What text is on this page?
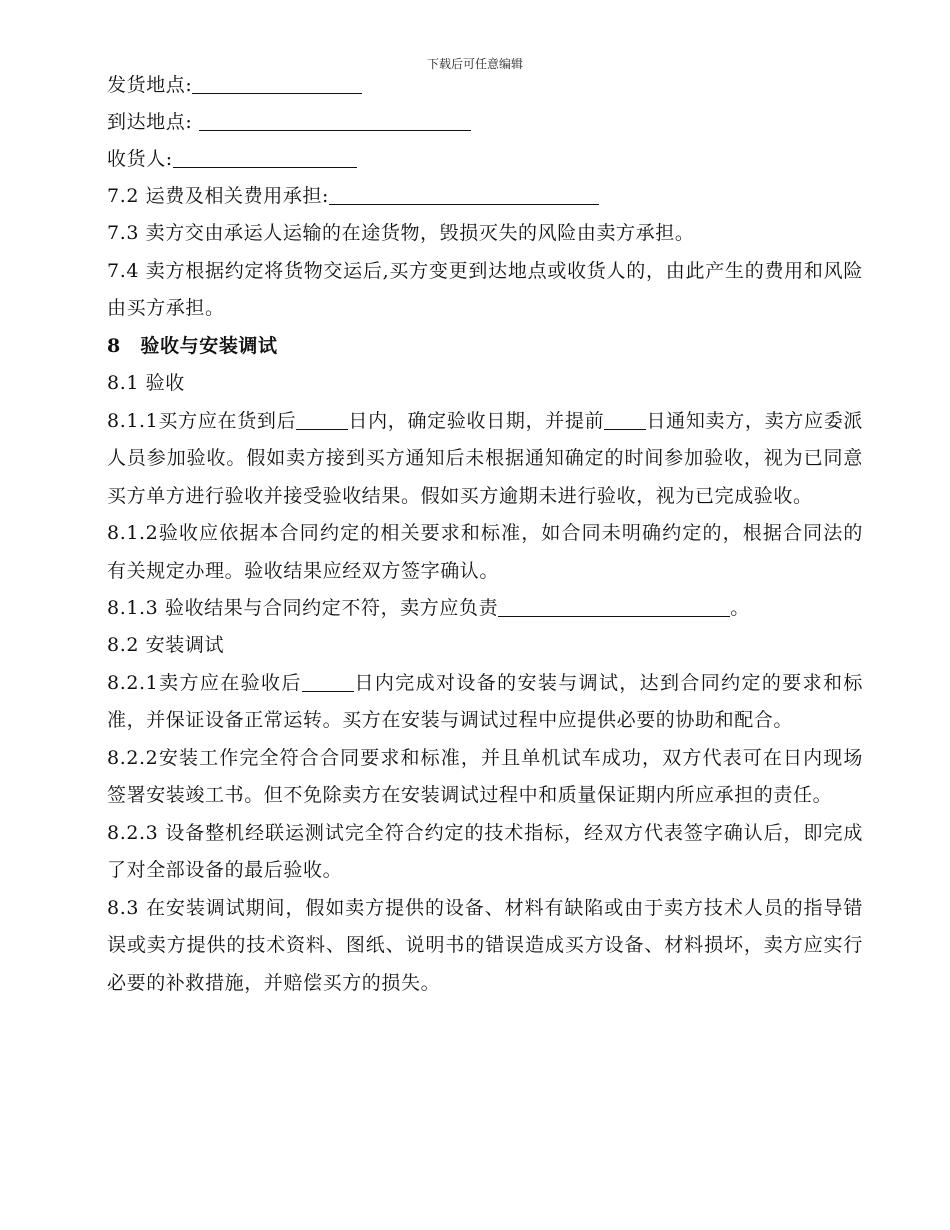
下载后可任意编辑
发货地点:
到达地点:
收货人:
7.2 运费及相关费用承担:
7.3 卖方交由承运人运输的在途货物，毁损灭失的风险由卖方承担。
7.4 卖方根据约定将货物交运后,买方变更到达地点或收货人的，由此产生的费用和风险由买方承担。
8　验收与安装调试
8.1 验收
8.1.1买方应在货到后	日内，确定验收日期，并提前 日通知卖方，卖方应委派人员参加验收。假如卖方接到买方通知后未根据通知确定的时间参加验收，视为已同意买方单方进行验收并接受验收结果。假如买方逾期未进行验收，视为已完成验收。
8.1.2验收应依据本合同约定的相关要求和标准，如合同未明确约定的，根据合同法的有关规定办理。验收结果应经双方签字确认。
8.1.3 验收结果与合同约定不符，卖方应负责	。
8.2 安装调试
8.2.1卖方应在验收后	日内完成对设备的安装与调试，达到合同约定的要求和标准，并保证设备正常运转。买方在安装与调试过程中应提供必要的协助和配合。
8.2.2安装工作完全符合合同要求和标准，并且单机试车成功，双方代表可在日内现场签署安装竣工书。但不免除卖方在安装调试过程中和质量保证期内所应承担的责任。
8.2.3 设备整机经联运测试完全符合约定的技术指标，经双方代表签字确认后，即完成了对全部设备的最后验收。
8.3 在安装调试期间，假如卖方提供的设备、材料有缺陷或由于卖方技术人员的指导错误或卖方提供的技术资料、图纸、说明书的错误造成买方设备、材料损坏，卖方应实行必要的补救措施，并赔偿买方的损失。
